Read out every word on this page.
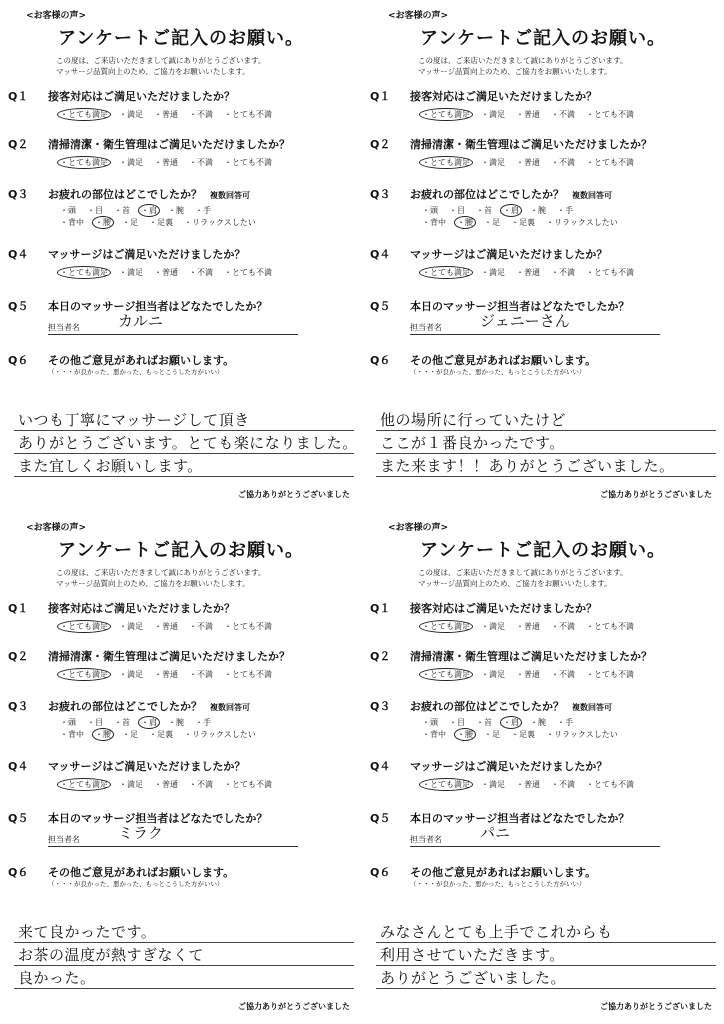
<お客様の声>
アンケートご記入のお願い。
この度は、ご来店いただきまして誠にありがとうございます。
マッサージ品質向上のため、ご協力をお願いいたします。
Q１ 接客対応はご満足いただけましたか？
・とても満足 ・満足 ・普通 ・不満 ・とても不満
Q２ 清掃清潔・衛生管理はご満足いただけましたか？
・とても満足 ・満足 ・普通 ・不満 ・とても不満
Q３ お疲れの部位はどこでしたか？ 複数回答可
・頭 ・目 ・首 ・肩 ・腕 ・手
・背中 ・腰 ・足 ・足裏 ・リラックスしたい
Q４ マッサージはご満足いただけましたか？
・とても満足 ・満足 ・普通 ・不満 ・とても不満
Q５ 本日のマッサージ担当者はどなたでしたか？
担当者名	カルニ
Q６ その他ご意見があればお願いします。
（・・・が良かった、悪かった、もっとこうした方がいい）
いつも丁寧にマッサージして頂き
ありがとうございます。とても楽になりました。
また宜しくお願いします。
ご協力ありがとうございました
<お客様の声>
アンケートご記入のお願い。
この度は、ご来店いただきまして誠にありがとうございます。
マッサージ品質向上のため、ご協力をお願いいたします。
Q１ 接客対応はご満足いただけましたか？
・とても満足 ・満足 ・普通 ・不満 ・とても不満
Q２ 清掃清潔・衛生管理はご満足いただけましたか？
・とても満足 ・満足 ・普通 ・不満 ・とても不満
Q３ お疲れの部位はどこでしたか？ 複数回答可
・頭 ・目 ・首 ・肩 ・腕 ・手
・背中 ・腰 ・足 ・足裏 ・リラックスしたい
Q４ マッサージはご満足いただけましたか？
・とても満足 ・満足 ・普通 ・不満 ・とても不満
Q５ 本日のマッサージ担当者はどなたでしたか？
担当者名	ジェニーさん
Q６ その他ご意見があればお願いします。
（・・・が良かった、悪かった、もっとこうした方がいい）
他の場所に行っていたけど
ここが１番良かったです。
また来ます！！ありがとうございました。
ご協力ありがとうございました
<お客様の声>
アンケートご記入のお願い。
この度は、ご来店いただきまして誠にありがとうございます。
マッサージ品質向上のため、ご協力をお願いいたします。
Q１ 接客対応はご満足いただけましたか？
・とても満足 ・満足 ・普通 ・不満 ・とても不満
Q２ 清掃清潔・衛生管理はご満足いただけましたか？
・とても満足 ・満足 ・普通 ・不満 ・とても不満
Q３ お疲れの部位はどこでしたか？ 複数回答可
・頭 ・目 ・首 ・肩 ・腕 ・手
・背中 ・腰 ・足 ・足裏 ・リラックスしたい
Q４ マッサージはご満足いただけましたか？
・とても満足 ・満足 ・普通 ・不満 ・とても不満
Q５ 本日のマッサージ担当者はどなたでしたか？
担当者名	ミラク
Q６ その他ご意見があればお願いします。
（・・・が良かった、悪かった、もっとこうした方がいい）
来て良かったです。
お茶の温度が熱すぎなくて
良かった。
ご協力ありがとうございました
<お客様の声>
アンケートご記入のお願い。
この度は、ご来店いただきまして誠にありがとうございます。
マッサージ品質向上のため、ご協力をお願いいたします。
Q１ 接客対応はご満足いただけましたか？
・とても満足 ・満足 ・普通 ・不満 ・とても不満
Q２ 清掃清潔・衛生管理はご満足いただけましたか？
・とても満足 ・満足 ・普通 ・不満 ・とても不満
Q３ お疲れの部位はどこでしたか？ 複数回答可
・頭 ・目 ・首 ・肩 ・腕 ・手
・背中 ・腰 ・足 ・足裏 ・リラックスしたい
Q４ マッサージはご満足いただけましたか？
・とても満足 ・満足 ・普通 ・不満 ・とても不満
Q５ 本日のマッサージ担当者はどなたでしたか？
担当者名	パニ
Q６ その他ご意見があればお願いします。
（・・・が良かった、悪かった、もっとこうした方がいい）
みなさんとても上手でこれからも
利用させていただきます。
ありがとうございました。
ご協力ありがとうございました
